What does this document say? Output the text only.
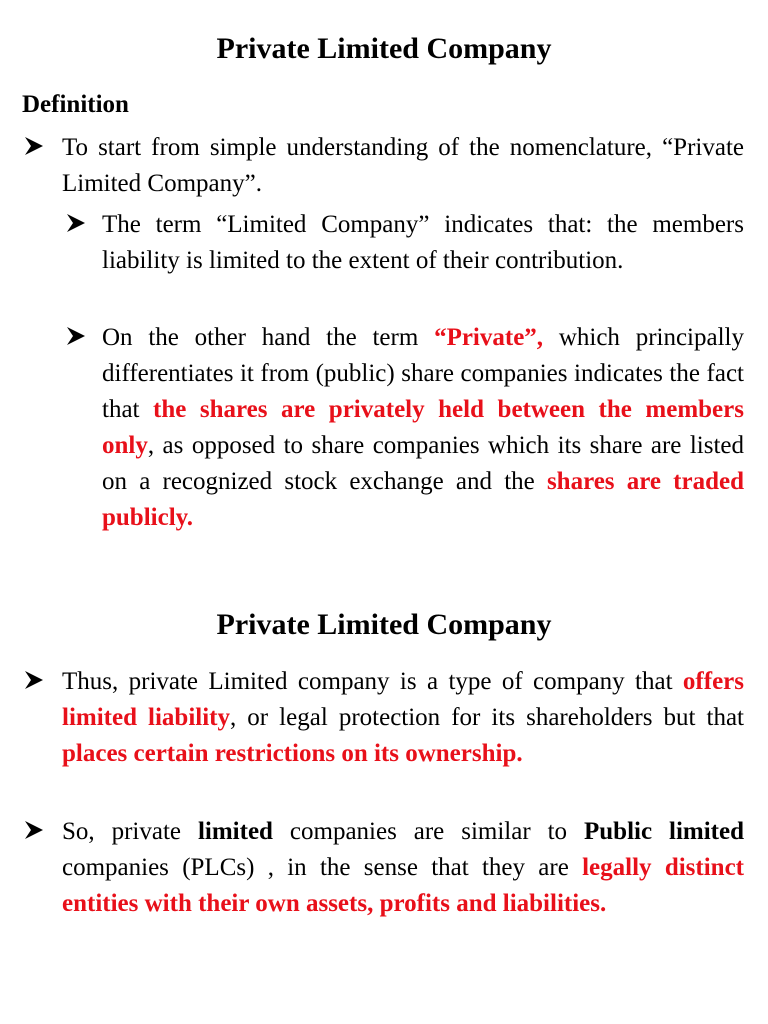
Private Limited Company

Definition

To start from simple understanding of the nomenclature, “Private Limited Company”.

The term “Limited Company” indicates that: the members liability is limited to the extent of their contribution.

On the other hand the term “Private”, which principally differentiates it from (public) share companies indicates the fact that the shares are privately held between the members only, as opposed to share companies which its share are listed on a recognized stock exchange and the shares are traded publicly.

Private Limited Company

Thus, private Limited company is a type of company that offers limited liability, or legal protection for its shareholders but that places certain restrictions on its ownership.

So, private limited companies are similar to Public limited companies (PLCs) , in the sense that they are legally distinct entities with their own assets, profits and liabilities.
